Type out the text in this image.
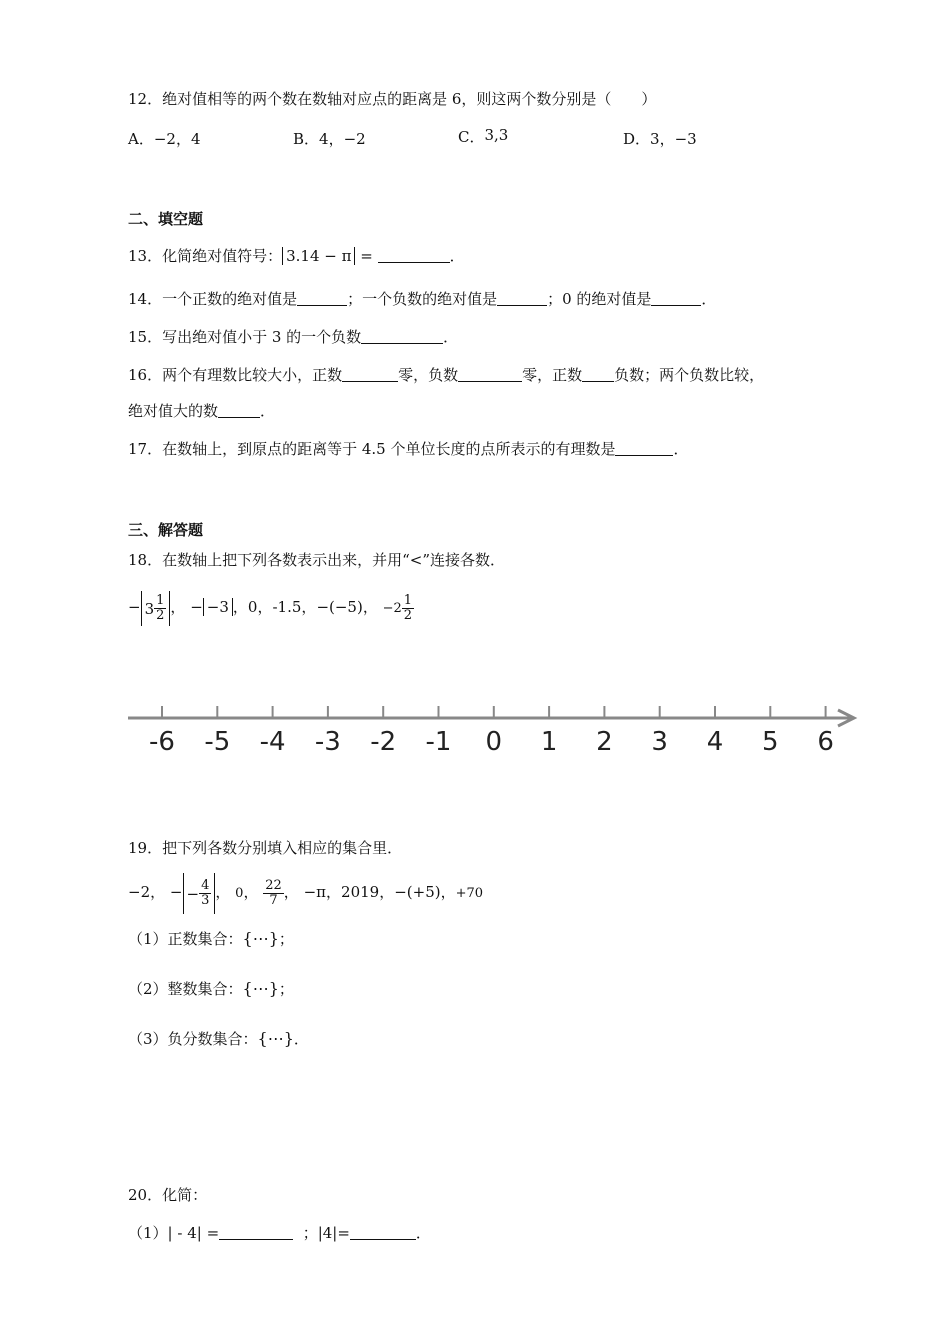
12．绝对值相等的两个数在数轴对应点的距离是 6，则这两个数分别是（　　）
A．−2，4	B．4，−2	C．3,3	D．3，−3
二、填空题
13．化简绝对值符号： 3.14 − π =	．
14．一个正数的绝对值是	；一个负数的绝对值是	；0 的绝对值是	．
15．写出绝对值小于 3 的一个负数	．
16．两个有理数比较大小，正数	零，负数	零，正数 负数；两个负数比较，
绝对值大的数	．
17．在数轴上，到原点的距离等于 4.5 个单位长度的点所表示的有理数是	．
三、解答题
18．在数轴上把下列各数表示出来，并用“<”连接各数．
− $3 \frac{1}{2}$ ， − −3 ，0，-1.5，−(−5)， $-2 \frac{1}{2}$
-6 -5 -4 -3 -2 -1 0 1 2 3 4 5 6
19．把下列各数分别填入相应的集合里．
−2， − − $\frac{4}{3}$ ， 0， $\frac{22}{7}$ ， −π，2019，−(+5)，+70
（1）正数集合：{⋯}；
（2）整数集合：{⋯}；
（3）负分数集合：{⋯}．
20．化简：
（1）| - 4| =	；|4|=	．
